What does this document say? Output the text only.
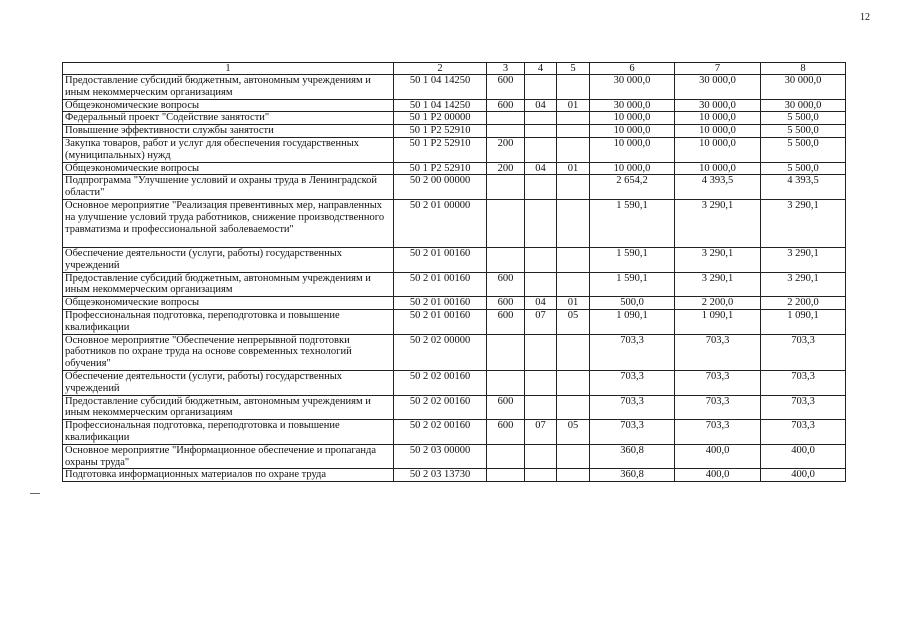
12
1	2	3	4	5	6	7	8
Предоставление субсидий бюджетным, автономным учреждениям и иным некоммерческим организациям	50 1 04 14250	600			30 000,0	30 000,0	30 000,0
Общеэкономические вопросы	50 1 04 14250	600	04	01	30 000,0	30 000,0	30 000,0
Федеральный проект "Содействие занятости"	50 1 P2 00000				10 000,0	10 000,0	5 500,0
Повышение эффективности службы занятости	50 1 P2 52910				10 000,0	10 000,0	5 500,0
Закупка товаров, работ и услуг для обеспечения государственных (муниципальных) нужд	50 1 P2 52910	200			10 000,0	10 000,0	5 500,0
Общеэкономические вопросы	50 1 P2 52910	200	04	01	10 000,0	10 000,0	5 500,0
Подпрограмма "Улучшение условий и охраны труда в Ленинградской области"	50 2 00 00000				2 654,2	4 393,5	4 393,5
Основное мероприятие "Реализация превентивных мер, направленных на улучшение условий труда работников, снижение производственного травматизма и профессиональной заболеваемости"	50 2 01 00000				1 590,1	3 290,1	3 290,1
Обеспечение деятельности (услуги, работы) государственных учреждений	50 2 01 00160				1 590,1	3 290,1	3 290,1
Предоставление субсидий бюджетным, автономным учреждениям и иным некоммерческим организациям	50 2 01 00160	600			1 590,1	3 290,1	3 290,1
Общеэкономические вопросы	50 2 01 00160	600	04	01	500,0	2 200,0	2 200,0
Профессиональная подготовка, переподготовка и повышение квалификации	50 2 01 00160	600	07	05	1 090,1	1 090,1	1 090,1
Основное мероприятие "Обеспечение непрерывной подготовки работников по охране труда на основе современных технологий обучения"	50 2 02 00000				703,3	703,3	703,3
Обеспечение деятельности (услуги, работы) государственных учреждений	50 2 02 00160				703,3	703,3	703,3
Предоставление субсидий бюджетным, автономным учреждениям и иным некоммерческим организациям	50 2 02 00160	600			703,3	703,3	703,3
Профессиональная подготовка, переподготовка и повышение квалификации	50 2 02 00160	600	07	05	703,3	703,3	703,3
Основное мероприятие "Информационное обеспечение и пропаганда охраны труда"	50 2 03 00000				360,8	400,0	400,0
Подготовка информационных материалов по охране труда	50 2 03 13730				360,8	400,0	400,0
